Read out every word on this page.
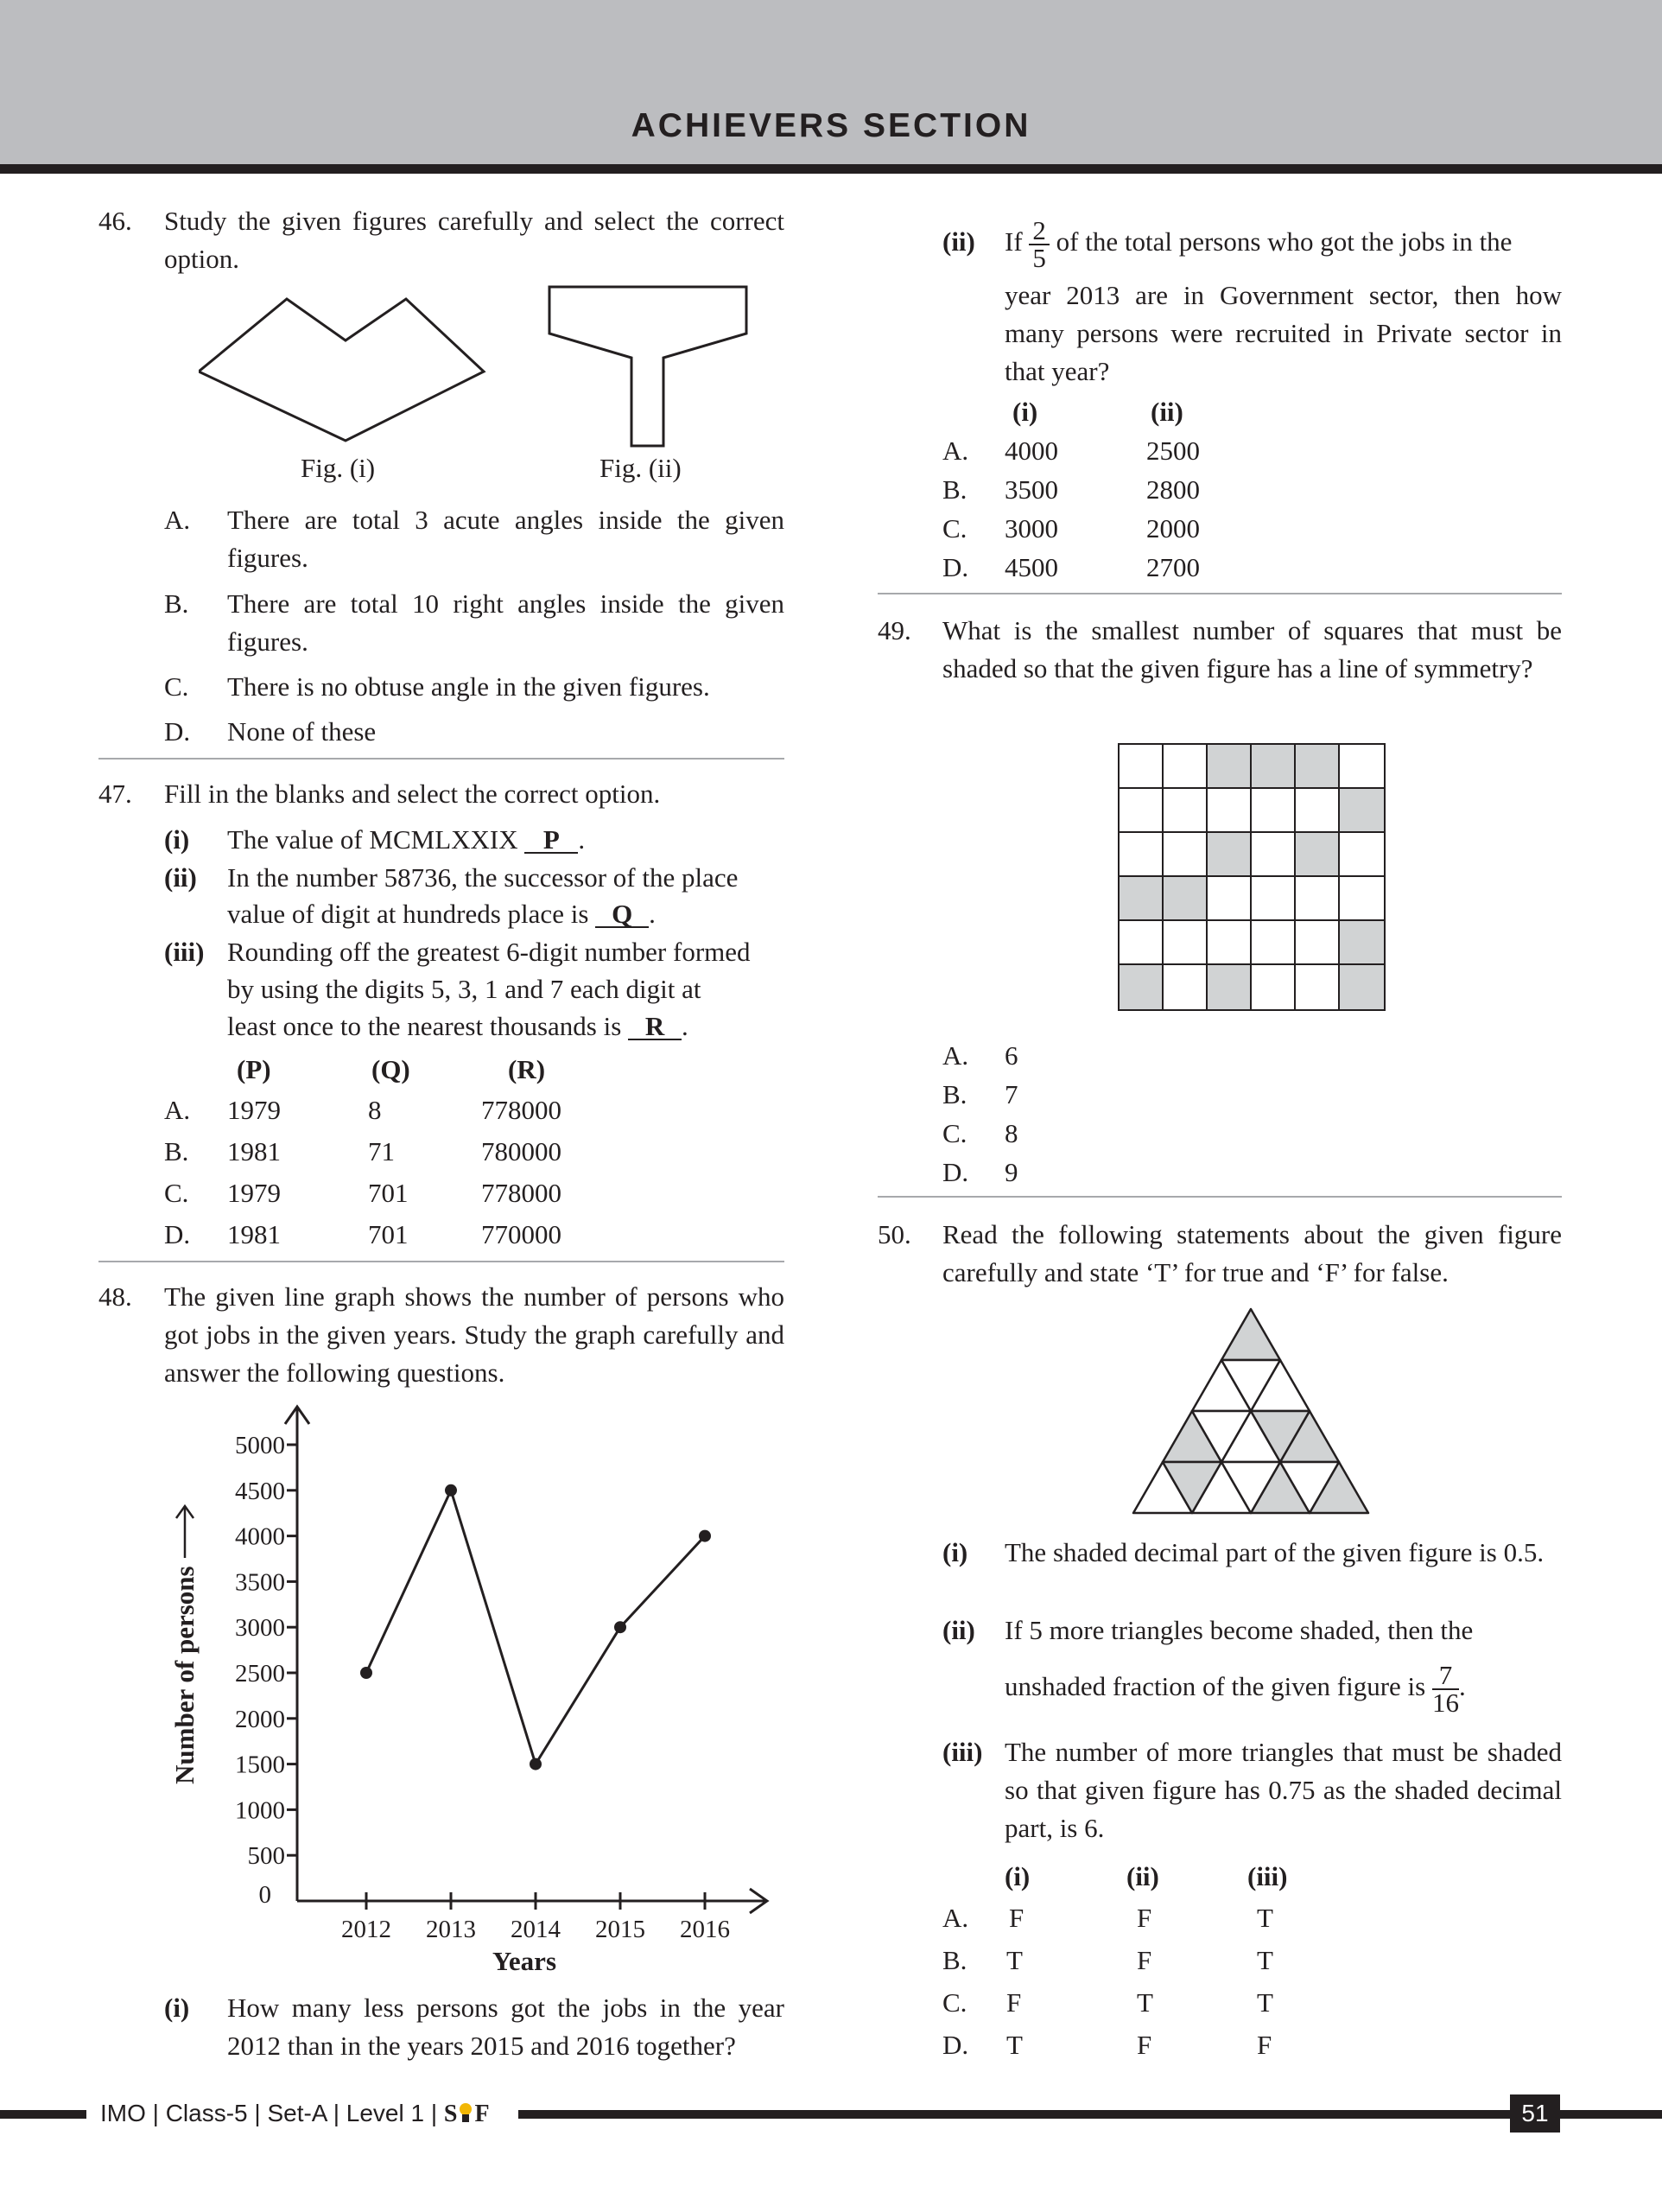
ACHIEVERS SECTION
46. Study the given figures carefully and select the correct option.
Fig. (i)	Fig. (ii)
A. There are total 3 acute angles inside the given figures.
B. There are total 10 right angles inside the given figures.
C. There is no obtuse angle in the given figures.
D. None of these
47. Fill in the blanks and select the correct option.
(i) The value of MCMLXXIX P .
(ii) In the number 58736, the successor of the place
value of digit at hundreds place is Q .
(iii) Rounding off the greatest 6-digit number formed
by using the digits 5, 3, 1 and 7 each digit at
least once to the nearest thousands is R .
(P)	(Q)	(R)
A. 1979	8	778000
B. 1981	71	780000
C. 1979	701	778000
D. 1981	701	770000
48. The given line graph shows the number of persons who got jobs in the given years. Study the graph carefully and answer the following questions.
Number of persons
Years
0
500
1000
1500
2000
2500
3000
3500
4000
4500
5000
2012 2013 2014 2015 2016
(i) How many less persons got the jobs in the year 2012 than in the years 2015 and 2016 together?
(ii) If $\frac{2}{5}$ of the total persons who got the jobs in the
year 2013 are in Government sector, then how many persons were recruited in Private sector in that year?
(i)	(ii)
A. 4000	2500
B. 3500	2800
C. 3000	2000
D. 4500	2700
49. What is the smallest number of squares that must be shaded so that the given figure has a line of symmetry?
A. 6
B. 7
C. 8
D. 9
50. Read the following statements about the given figure carefully and state ‘T’ for true and ‘F’ for false.
(i) The shaded decimal part of the given figure is 0.5.
(ii) If 5 more triangles become shaded, then the
unshaded fraction of the given figure is $\frac{7}{16}$ .
(iii) The number of more triangles that must be shaded so that given figure has 0.75 as the shaded decimal part, is 6.
(i)	(ii)	(iii)
A. F	F	T
B. T	F	T
C. F	T	T
D. T	F	F
IMO | Class-5 | Set-A | Level 1 | S F	51
